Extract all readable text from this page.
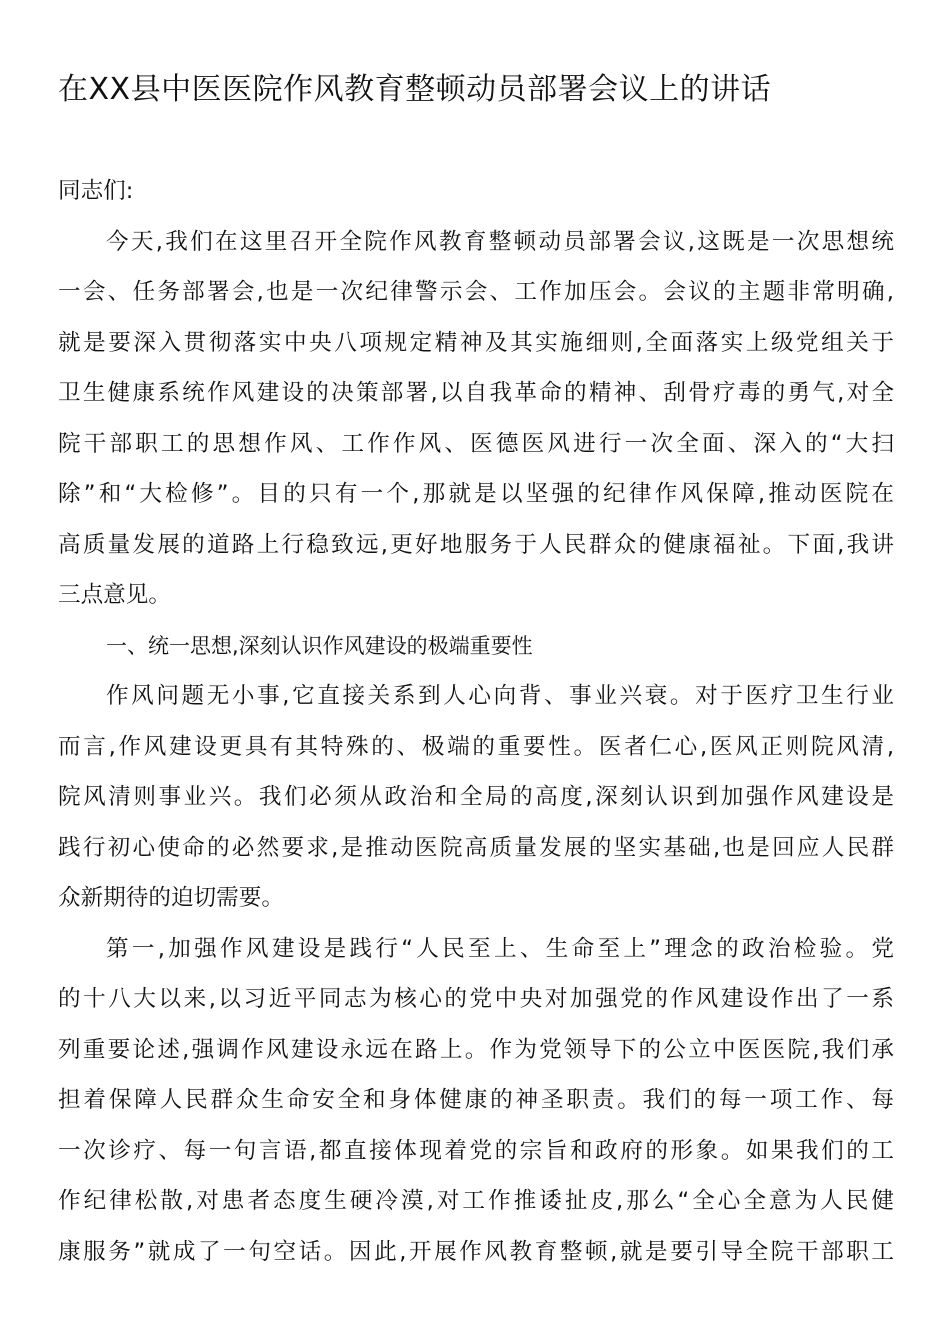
在XX县中医医院作风教育整顿动员部署会议上的讲话
同志们:
今天,我们在这里召开全院作风教育整顿动员部署会议,这既是一次思想统
一会、任务部署会,也是一次纪律警示会、工作加压会。会议的主题非常明确,
就是要深入贯彻落实中央八项规定精神及其实施细则,全面落实上级党组关于
卫生健康系统作风建设的决策部署,以自我革命的精神、刮骨疗毒的勇气,对全
院干部职工的思想作风、工作作风、医德医风进行一次全面、深入的“大扫
除”和“大检修”。目的只有一个,那就是以坚强的纪律作风保障,推动医院在
高质量发展的道路上行稳致远,更好地服务于人民群众的健康福祉。下面,我讲
三点意见。
一、统一思想,深刻认识作风建设的极端重要性
作风问题无小事,它直接关系到人心向背、事业兴衰。对于医疗卫生行业
而言,作风建设更具有其特殊的、极端的重要性。医者仁心,医风正则院风清,
院风清则事业兴。我们必须从政治和全局的高度,深刻认识到加强作风建设是
践行初心使命的必然要求,是推动医院高质量发展的坚实基础,也是回应人民群
众新期待的迫切需要。
第一,加强作风建设是践行“人民至上、生命至上”理念的政治检验。党
的十八大以来,以习近平同志为核心的党中央对加强党的作风建设作出了一系
列重要论述,强调作风建设永远在路上。作为党领导下的公立中医医院,我们承
担着保障人民群众生命安全和身体健康的神圣职责。我们的每一项工作、每
一次诊疗、每一句言语,都直接体现着党的宗旨和政府的形象。如果我们的工
作纪律松散,对患者态度生硬冷漠,对工作推诿扯皮,那么“全心全意为人民健
康服务”就成了一句空话。因此,开展作风教育整顿,就是要引导全院干部职工
